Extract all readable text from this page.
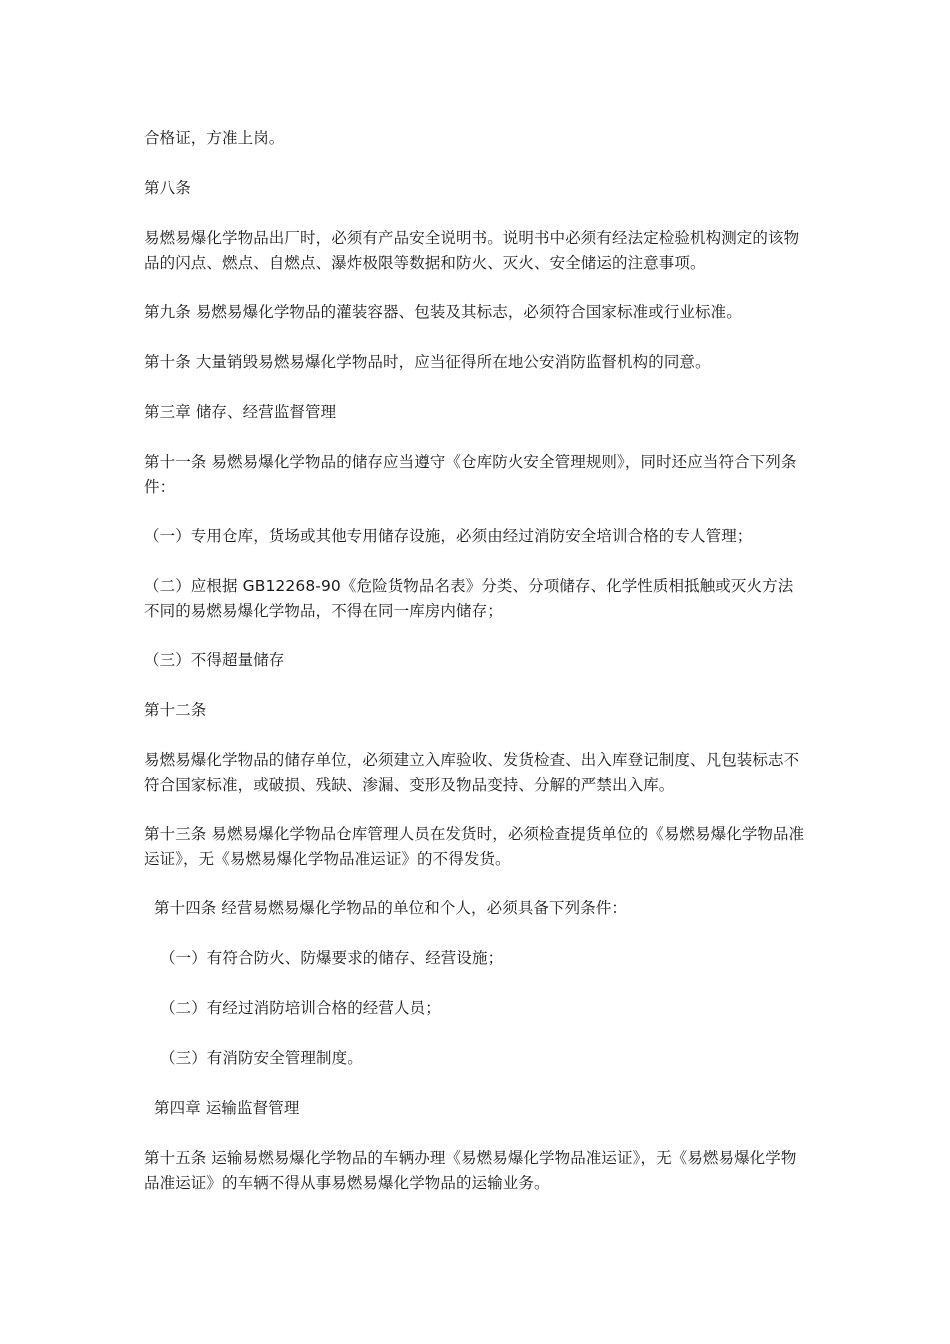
合格证，方准上岗。

第八条

易燃易爆化学物品出厂时，必须有产品安全说明书。说明书中必须有经法定检验机构测定的该物品的闪点、燃点、自燃点、瀑炸极限等数据和防火、灭火、安全储运的注意事项。

第九条 易燃易爆化学物品的灌装容器、包装及其标志，必须符合国家标准或行业标准。

第十条 大量销毁易燃易爆化学物品时，应当征得所在地公安消防监督机构的同意。

第三章 储存、经营监督管理

第十一条 易燃易爆化学物品的储存应当遵守《仓库防火安全管理规则》，同时还应当符合下列条件：

（一）专用仓库，货场或其他专用储存设施，必须由经过消防安全培训合格的专人管理；

（二）应根据 GB12268-90《危险货物品名表》分类、分项储存、化学性质相抵触或灭火方法不同的易燃易爆化学物品，不得在同一库房内储存；

（三）不得超量储存

第十二条

易燃易爆化学物品的储存单位，必须建立入库验收、发货检查、出入库登记制度、凡包装标志不符合国家标准，或破损、残缺、渗漏、变形及物品变持、分解的严禁出入库。

第十三条 易燃易爆化学物品仓库管理人员在发货时，必须检查提货单位的《易燃易爆化学物品准运证》，无《易燃易爆化学物品准运证》的不得发货。

第十四条 经营易燃易爆化学物品的单位和个人，必须具备下列条件：

（一）有符合防火、防爆要求的储存、经营设施；

（二）有经过消防培训合格的经营人员；

（三）有消防安全管理制度。

第四章 运输监督管理

第十五条 运输易燃易爆化学物品的车辆办理《易燃易爆化学物品准运证》，无《易燃易爆化学物品准运证》的车辆不得从事易燃易爆化学物品的运输业务。
